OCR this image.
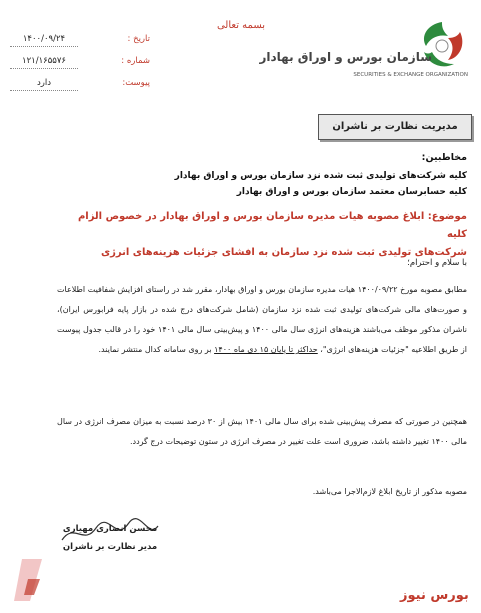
بسمه تعالی
تاریخ :
۱۴۰۰/۰۹/۲۴
شماره :
۱۲۱/۱۶۵۵۷۶
پیوست:
دارد
سازمان بورس و اوراق بهادار
SECURITIES & EXCHANGE ORGANIZATION
مدیریت نظارت بر ناشران
مخاطبین:
کلیه شرکت‌های تولیدی ثبت شده نزد سازمان بورس و اوراق بهادار
کلیه حسابرسان معتمد سازمان بورس و اوراق بهادار
موضوع: ابلاغ مصوبه هیات مدیره سازمان بورس و اوراق بهادار در خصوص الزام کلیه
شرکت‌های تولیدی ثبت شده نزد سازمان به افشای جزئیات هزینه‌های انرژی
با سلام و احترام؛
مطابق مصوبه مورخ ۱۴۰۰/۰۹/۲۲ هیات مدیره سازمان بورس و اوراق بهادار، مقرر شد در راستای افزایش شفافیت اطلاعات و صورت‌های مالی شرکت‌های تولیدی ثبت شده نزد سازمان (شامل شرکت‌های درج شده در بازار پایه فرابورس ایران)، ناشران مذکور موظف می‌باشند هزینه‌های انرژی سال مالی ۱۴۰۰ و پیش‌بینی سال مالی ۱۴۰۱ خود را در قالب جدول پیوست از طریق اطلاعیه "جزئیات هزینه‌های انرژی"، حداکثر تا پایان ۱۵ دی ماه ۱۴۰۰ بر روی سامانه کدال منتشر نمایند.
همچنین در صورتی که مصرف پیش‌بینی شده برای سال مالی ۱۴۰۱ بیش از ۳۰ درصد نسبت به میزان مصرف انرژی در سال مالی ۱۴۰۰ تغییر داشته باشد، ضروری است علت تغییر در مصرف انرژی در ستون توضیحات درج گردد.
مصوبه مذکور از تاریخ ابلاغ لازم‌الاجرا می‌باشد.
محسن انصاری مهیاری
مدیر نظارت بر ناشران
بورس نیوز
